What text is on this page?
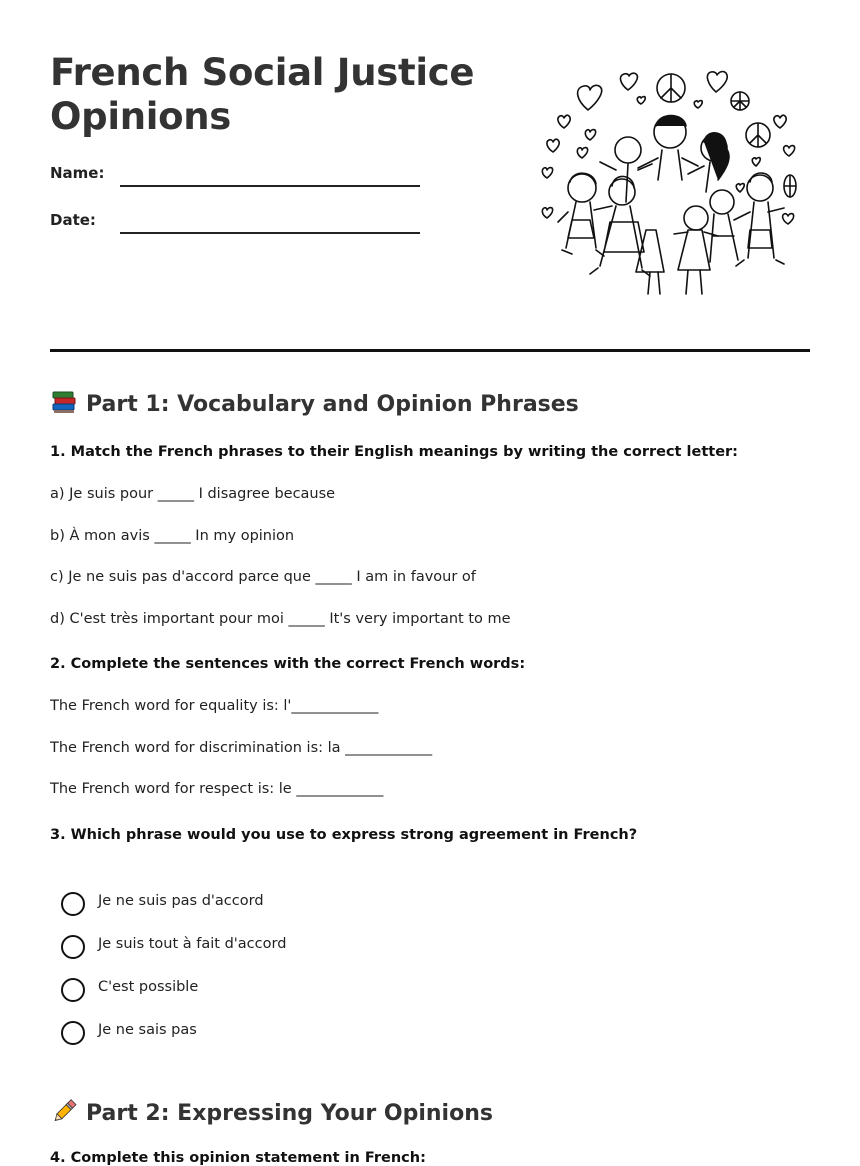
French Social Justice Opinions
Name:
Date:
Part 1: Vocabulary and Opinion Phrases

1. Match the French phrases to their English meanings by writing the correct letter:

a) Je suis pour _____ I disagree because

b) À mon avis _____ In my opinion

c) Je ne suis pas d'accord parce que _____ I am in favour of

d) C'est très important pour moi _____ It's very important to me

2. Complete the sentences with the correct French words:

The French word for equality is: l'____________

The French word for discrimination is: la ____________

The French word for respect is: le ____________

3. Which phrase would you use to express strong agreement in French?

Je ne suis pas d'accord
Je suis tout à fait d'accord
C'est possible
Je ne sais pas
Part 2: Expressing Your Opinions

4. Complete this opinion statement in French:
